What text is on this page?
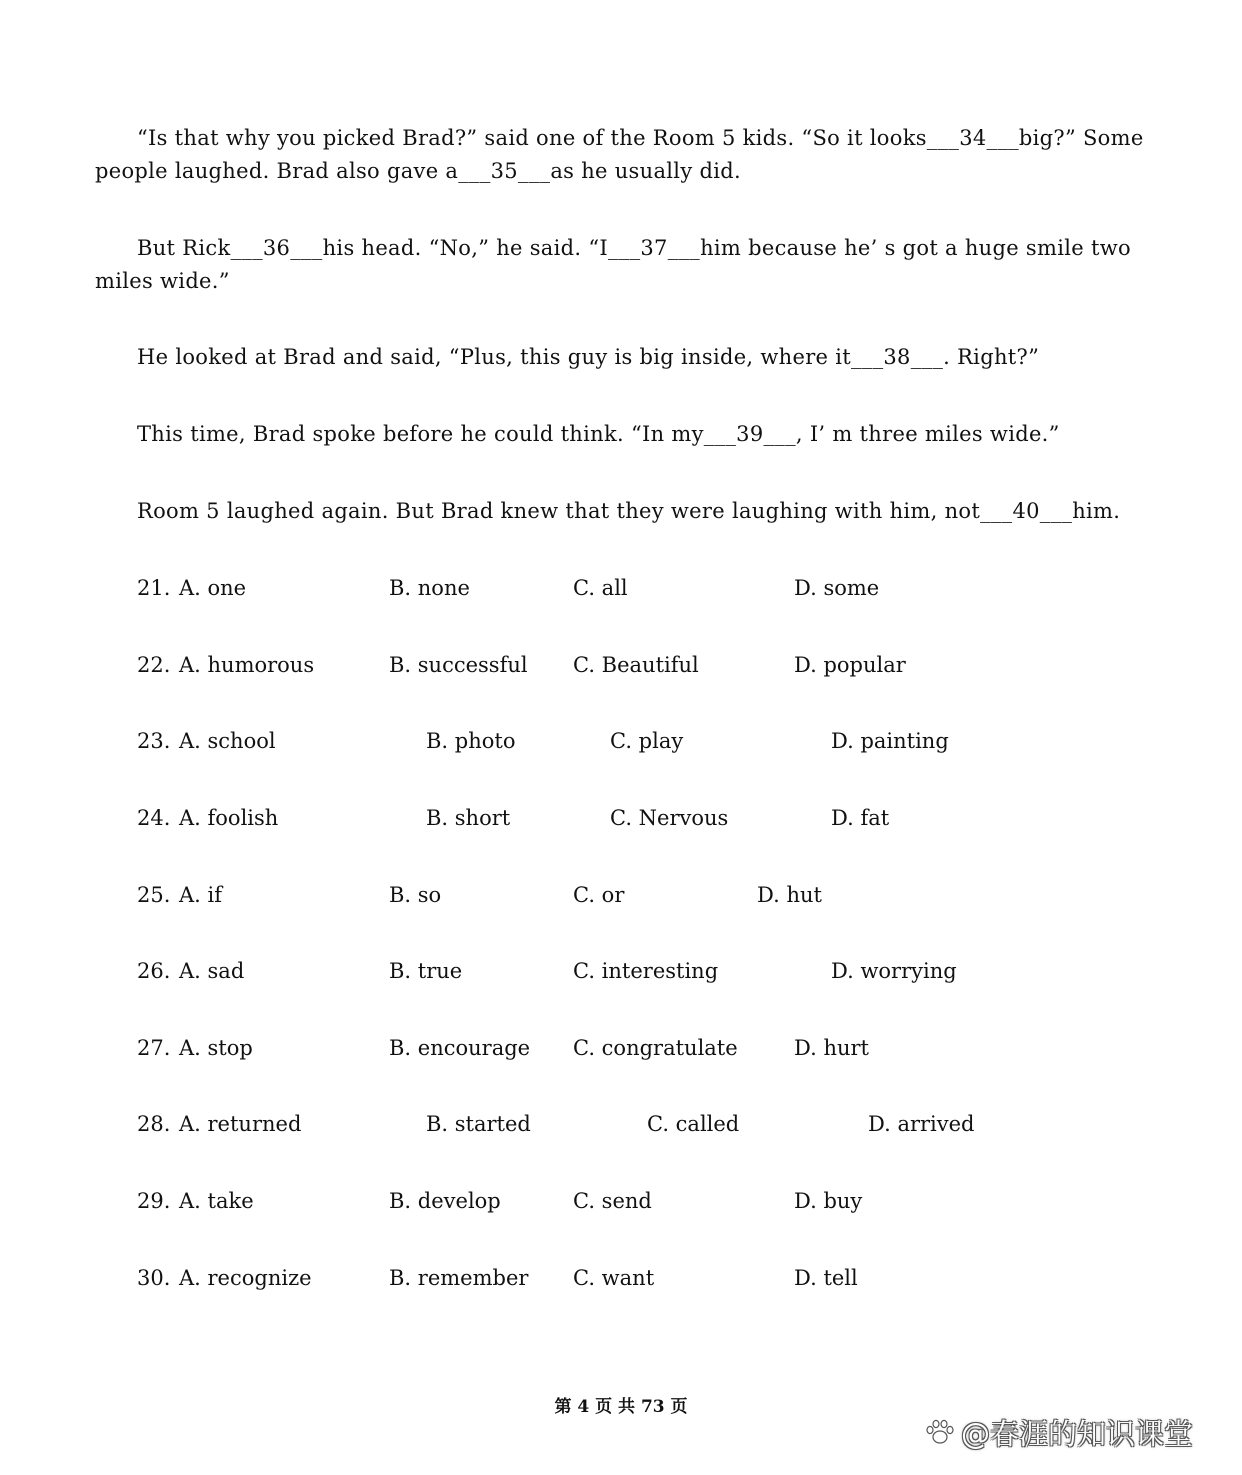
“Is that why you picked Brad?” said one of the Room 5 kids. “So it looks___34___big?” Some people laughed. Brad also gave a___35___as he usually did.

But Rick___36___his head. “No,” he said. “I___37___him because he’ s got a huge smile two miles wide.”

He looked at Brad and said, “Plus, this guy is big inside, where it___38___. Right?”

This time, Brad spoke before he could think. “In my___39___, I’ m three miles wide.”

Room 5 laughed again. But Brad knew that they were laughing with him, not___40___him.

21. A. one	B. none	C. all	D. some
22. A. humorous	B. successful C. Beautiful	D. popular
23. A. school	B. photo	C. play	D. painting
24. A. foolish	B. short	C. Nervous	D. fat
25. A. if	B. so	C. or	D. hut
26. A. sad	B. true	C. interesting	D. worrying
27. A. stop	B. encourage C. congratulate	D. hurt
28. A. returned	B. started	C. called	D. arrived
29. A. take	B. develop	C. send	D. buy
30. A. recognize	B. remember C. want	D. tell
第 4 页 共 73 页
@春涯的知识课堂
